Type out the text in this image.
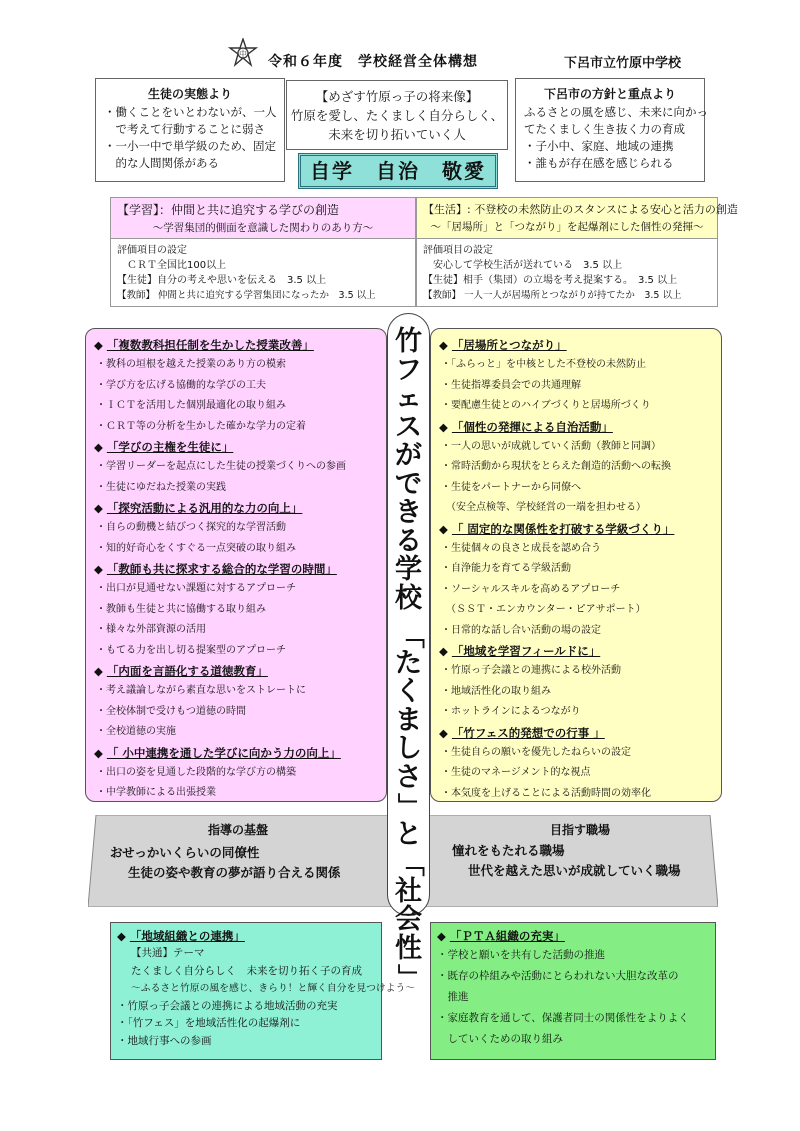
中 令和６年度　学校経営全体構想	下呂市立竹原中学校
生徒の実態より
・働くことをいとわないが、一人
　で考えて行動することに弱さ
・一小一中で単学級のため、固定
　的な人間関係がある
【めざす竹原っ子の将来像】
竹原を愛し、たくましく自分らしく、
未来を切り拓いていく人
自学　自治　敬愛
下呂市の方針と重点より
ふるさとの風を感じ、未来に向かっ
てたくましく生き抜く力の育成
・子小中、家庭、地域の連携
・誰もが存在感を感じられる
【学習】：仲間と共に追究する学びの創造
～学習集団的側面を意識した関わりのあり方～
【生活】: 不登校の未然防止のスタンスによる安心と活力の創造
～「居場所」と「つながり」を起爆剤にした個性の発揮～
評価項目の設定
　ＣＲＴ全国比100以上
【生徒】自分の考えや思いを伝える　3.5 以上
【教師】 仲間と共に追究する学習集団になったか　3.5 以上
評価項目の設定
　安心して学校生活が送れている　3.5 以上
【生徒】相手（集団）の立場を考え提案する。　3.5 以上
【教師】 一人一人が居場所とつながりが持てたか　3.5 以上
◆ 「複数教科担任制を生かした授業改善」
・教科の垣根を越えた授業のあり方の模索
・学び方を広げる協働的な学びの工夫
・ＩＣＴを活用した個別最適化の取り組み
・ＣＲＴ等の分析を生かした確かな学力の定着
◆ 「学びの主権を生徒に」
・学習リーダーを起点にした生徒の授業づくりへの参画
・生徒にゆだねた授業の実践
◆ 「探究活動による汎用的な力の向上」
・自らの動機と結びつく探究的な学習活動
・知的好奇心をくすぐる一点突破の取り組み
◆ 「教師も共に探求する総合的な学習の時間」
・出口が見通せない課題に対するアプローチ
・教師も生徒と共に協働する取り組み
・様々な外部資源の活用
・もてる力を出し切る提案型のアプローチ
◆ 「内面を言語化する道徳教育」
・考え議論しながら素直な思いをストレートに
・全校体制で受けもつ道徳の時間
・全校道徳の実施
◆ 「 小中連携を通した学びに向かう力の向上」
・出口の姿を見通した段階的な学び方の構築
・中学教師による出張授業
◆ 「居場所とつながり」
・「ふらっと」を中核とした不登校の未然防止
・生徒指導委員会での共通理解
・要配慮生徒とのハイブづくりと居場所づくり
◆ 「個性の発揮による自治活動」
・一人の思いが成就していく活動（教師と同調）
・常時活動から現状をとらえた創造的活動への転換
・生徒をパートナーから同僚へ
　（安全点検等、学校経営の一端を担わせる）
◆ 「 固定的な関係性を打破する学級づくり」
・生徒個々の良さと成長を認め合う
・自浄能力を育てる学級活動
・ソーシャルスキルを高めるアプローチ
　（ＳＳＴ・エンカウンター・ピアサポート）
・日常的な話し合い活動の場の設定
◆ 「地域を学習フィールドに」
・竹原っ子会議との連携による校外活動
・地域活性化の取り組み
・ホットラインによるつながり
◆ 「竹フェス的発想での行事 」
・生徒自らの願いを優先したねらいの設定
・生徒のマネージメント的な視点
・本気度を上げることによる活動時間の効率化
竹
フ
ェ
ス
が
で
き
る
学
校
「
た
く
ま
し
さ
」
と
「
社
会
性
」
指導の基盤
おせっかいくらいの同僚性
生徒の姿や教育の夢が語り合える関係
目指す職場
憧れをもたれる職場
世代を越えた思いが成就していく職場
◆ 「地域組織との連携」
【共通】テーマ
たくましく自分らしく　未来を切り拓く子の育成
～ふるさと竹原の風を感じ、きらり！と輝く自分を見つけよう～
・竹原っ子会議との連携による地域活動の充実
・「竹フェス」を地域活性化の起爆剤に
・地域行事への参画
◆ 「ＰＴＡ組織の充実」
・学校と願いを共有した活動の推進
・既存の枠組みや活動にとらわれない大胆な改革の
　推進
・家庭教育を通して、保護者同士の関係性をよりよく
　していくための取り組み
